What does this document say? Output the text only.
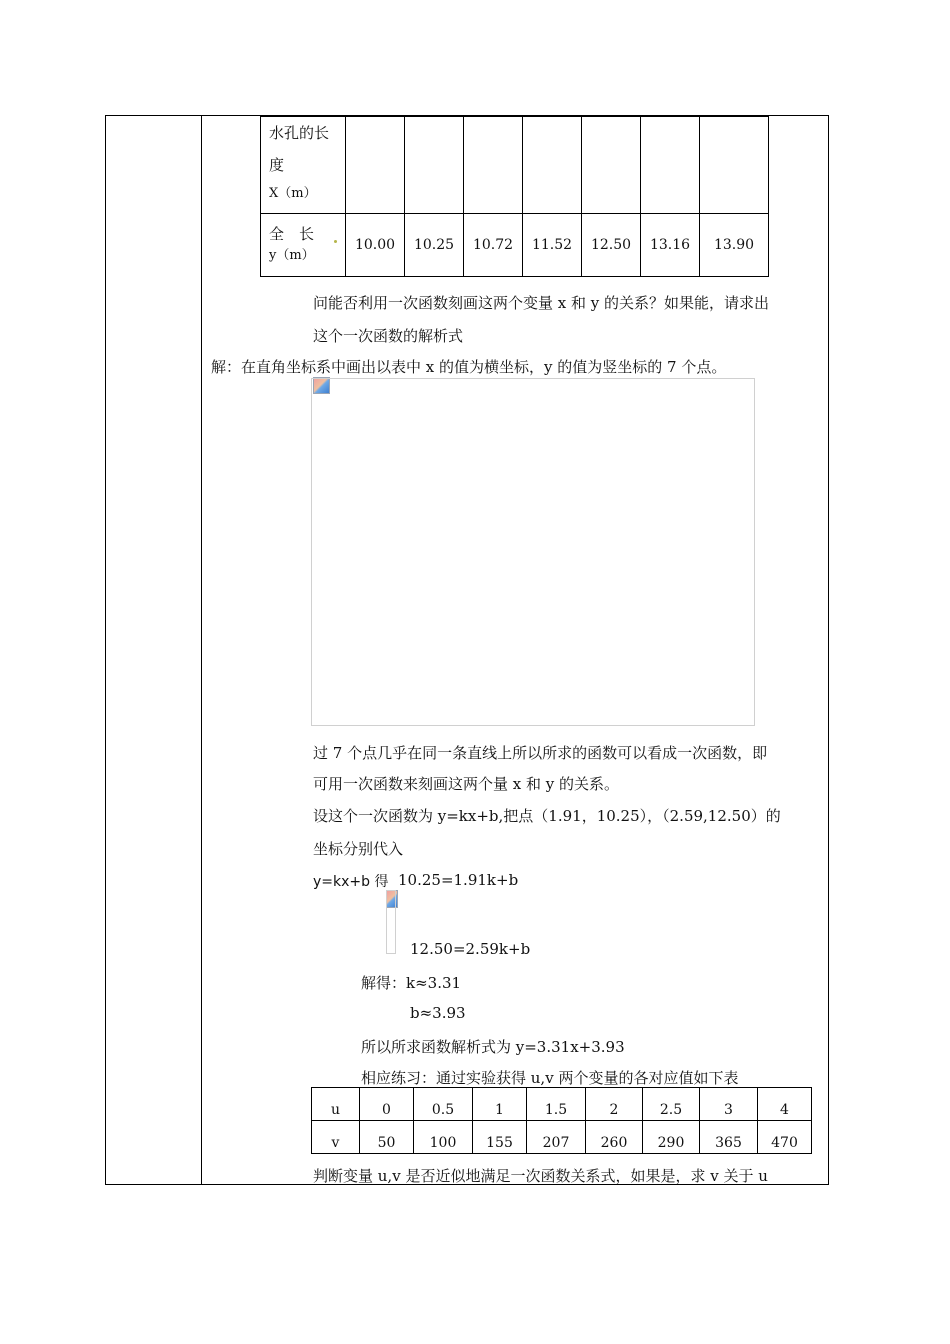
水孔的长
度
X（m）							

全　长
y（m）	10.00	10.25	10.72	11.52	12.50	13.16	13.90
问能否利用一次函数刻画这两个变量 x 和 y 的关系？如果能，请求出
这个一次函数的解析式
解：在直角坐标系中画出以表中 x 的值为横坐标，y 的值为竖坐标的 7 个点。
过 7 个点几乎在同一条直线上所以所求的函数可以看成一次函数，即
可用一次函数来刻画这两个量 x 和 y 的关系。
设这个一次函数为 y=kx+b,把点（1.91，10.25），（2.59,12.50）的
坐标分别代入
y=kx+b 得 10.25=1.91k+b
12.50=2.59k+b
解得：k≈3.31
b≈3.93
所以所求函数解析式为 y=3.31x+3.93
相应练习：通过实验获得 u,v 两个变量的各对应值如下表
u	0	0.5	1	1.5	2	2.5	3	4
v	50	100	155	207	260	290	365	470
判断变量 u,v 是否近似地满足一次函数关系式，如果是，求 v 关于 u
